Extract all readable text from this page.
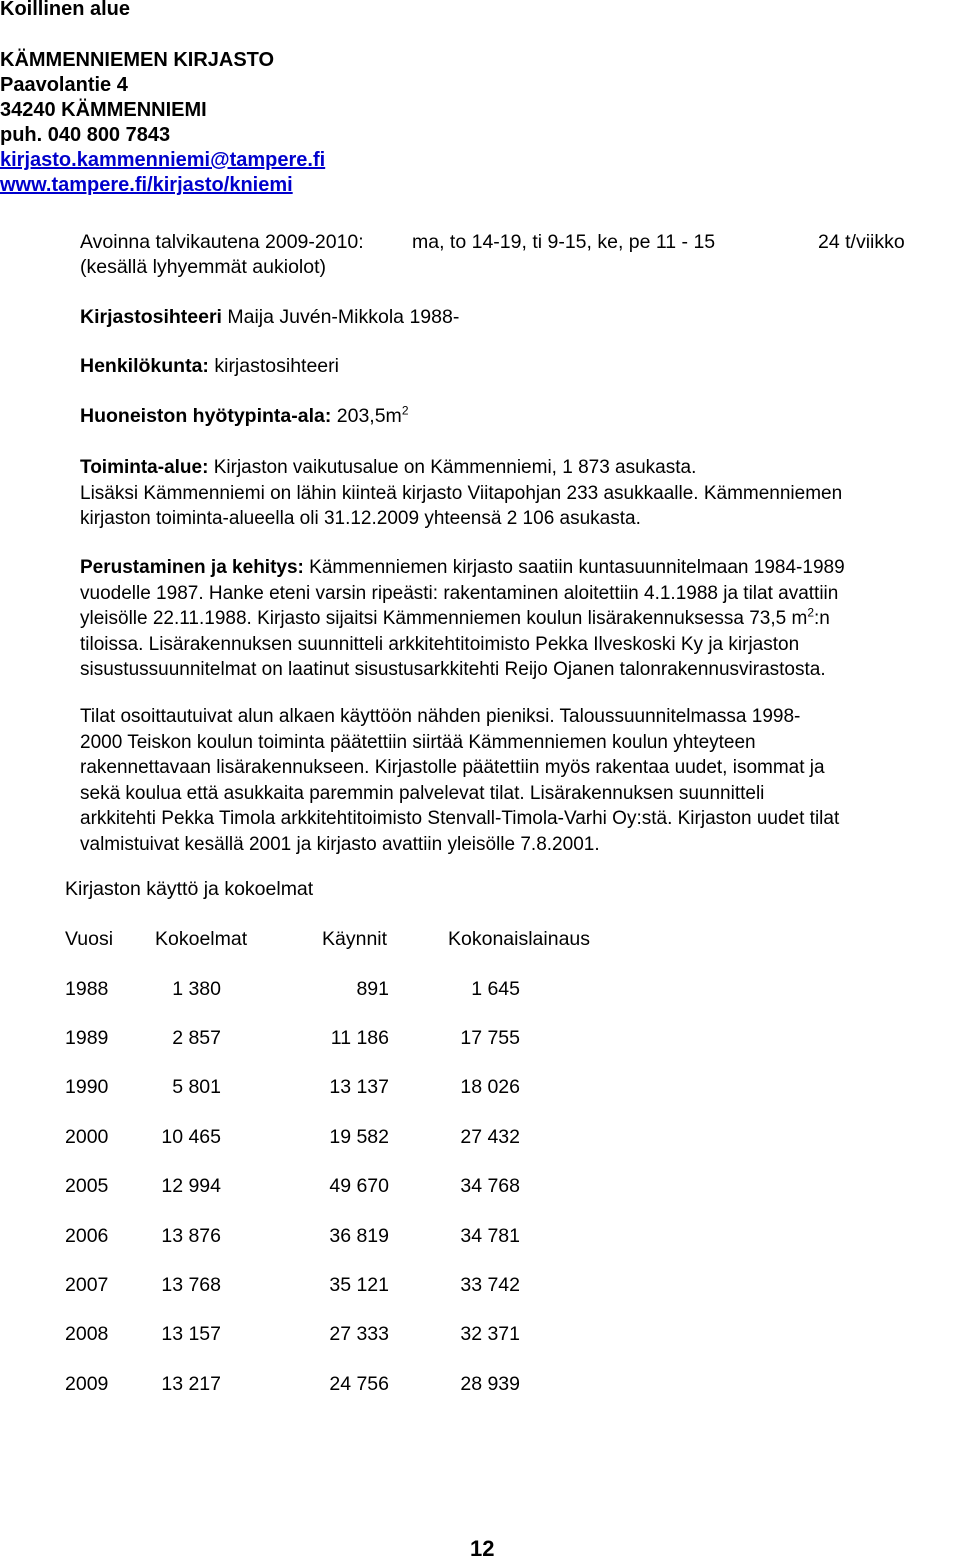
Koillinen alue
KÄMMENNIEMEN KIRJASTO
Paavolantie 4
34240 KÄMMENNIEMI
puh. 040 800 7843
kirjasto.kammenniemi@tampere.fi
www.tampere.fi/kirjasto/kniemi
Avoinna talvikautena 2009-2010: ma, to 14-19, ti 9-15, ke, pe 11 - 15	24 t/viikko
(kesällä lyhyemmät aukiolot)
Kirjastosihteeri Maija Juvén-Mikkola 1988-
Henkilökunta: kirjastosihteeri
Huoneiston hyötypinta-ala: $203,5m^2$
Toiminta-alue: Kirjaston vaikutusalue on Kämmenniemi, 1 873 asukasta.
Lisäksi Kämmenniemi on lähin kiinteä kirjasto Viitapohjan 233 asukkaalle. Kämmenniemen
kirjaston toiminta-alueella oli 31.12.2009 yhteensä 2 106 asukasta.
Perustaminen ja kehitys: Kämmenniemen kirjasto saatiin kuntasuunnitelmaan 1984-1989
vuodelle 1987. Hanke eteni varsin ripeästi: rakentaminen aloitettiin 4.1.1988 ja tilat avattiin
yleisölle 22.11.1988. Kirjasto sijaitsi Kämmenniemen koulun lisärakennuksessa 73,5 $m^2:n$
tiloissa. Lisärakennuksen suunnitteli arkkitehtitoimisto Pekka Ilveskoski Ky ja kirjaston
sisustussuunnitelmat on laatinut sisustusarkkitehti Reijo Ojanen talonrakennusvirastosta.
Tilat osoittautuivat alun alkaen käyttöön nähden pieniksi. Taloussuunnitelmassa 1998-
2000 Teiskon koulun toiminta päätettiin siirtää Kämmenniemen koulun yhteyteen
rakennettavaan lisärakennukseen. Kirjastolle päätettiin myös rakentaa uudet, isommat ja
sekä koulua että asukkaita paremmin palvelevat tilat. Lisärakennuksen suunnitteli
arkkitehti Pekka Timola arkkitehtitoimisto Stenvall-Timola-Varhi Oy:stä. Kirjaston uudet tilat
valmistuivat kesällä 2001 ja kirjasto avattiin yleisölle 7.8.2001.
Kirjaston käyttö ja kokoelmat
Vuosi Kokoelmat	Käynnit	Kokonaislainaus
1988	1 380	891	1 645
1989	2 857	11 186	17 755
1990	5 801	13 137	18 026
2000	10 465	19 582	27 432
2005	12 994	49 670	34 768
2006	13 876	36 819	34 781
2007	13 768	35 121	33 742
2008	13 157	27 333	32 371
2009	13 217	24 756	28 939
12
